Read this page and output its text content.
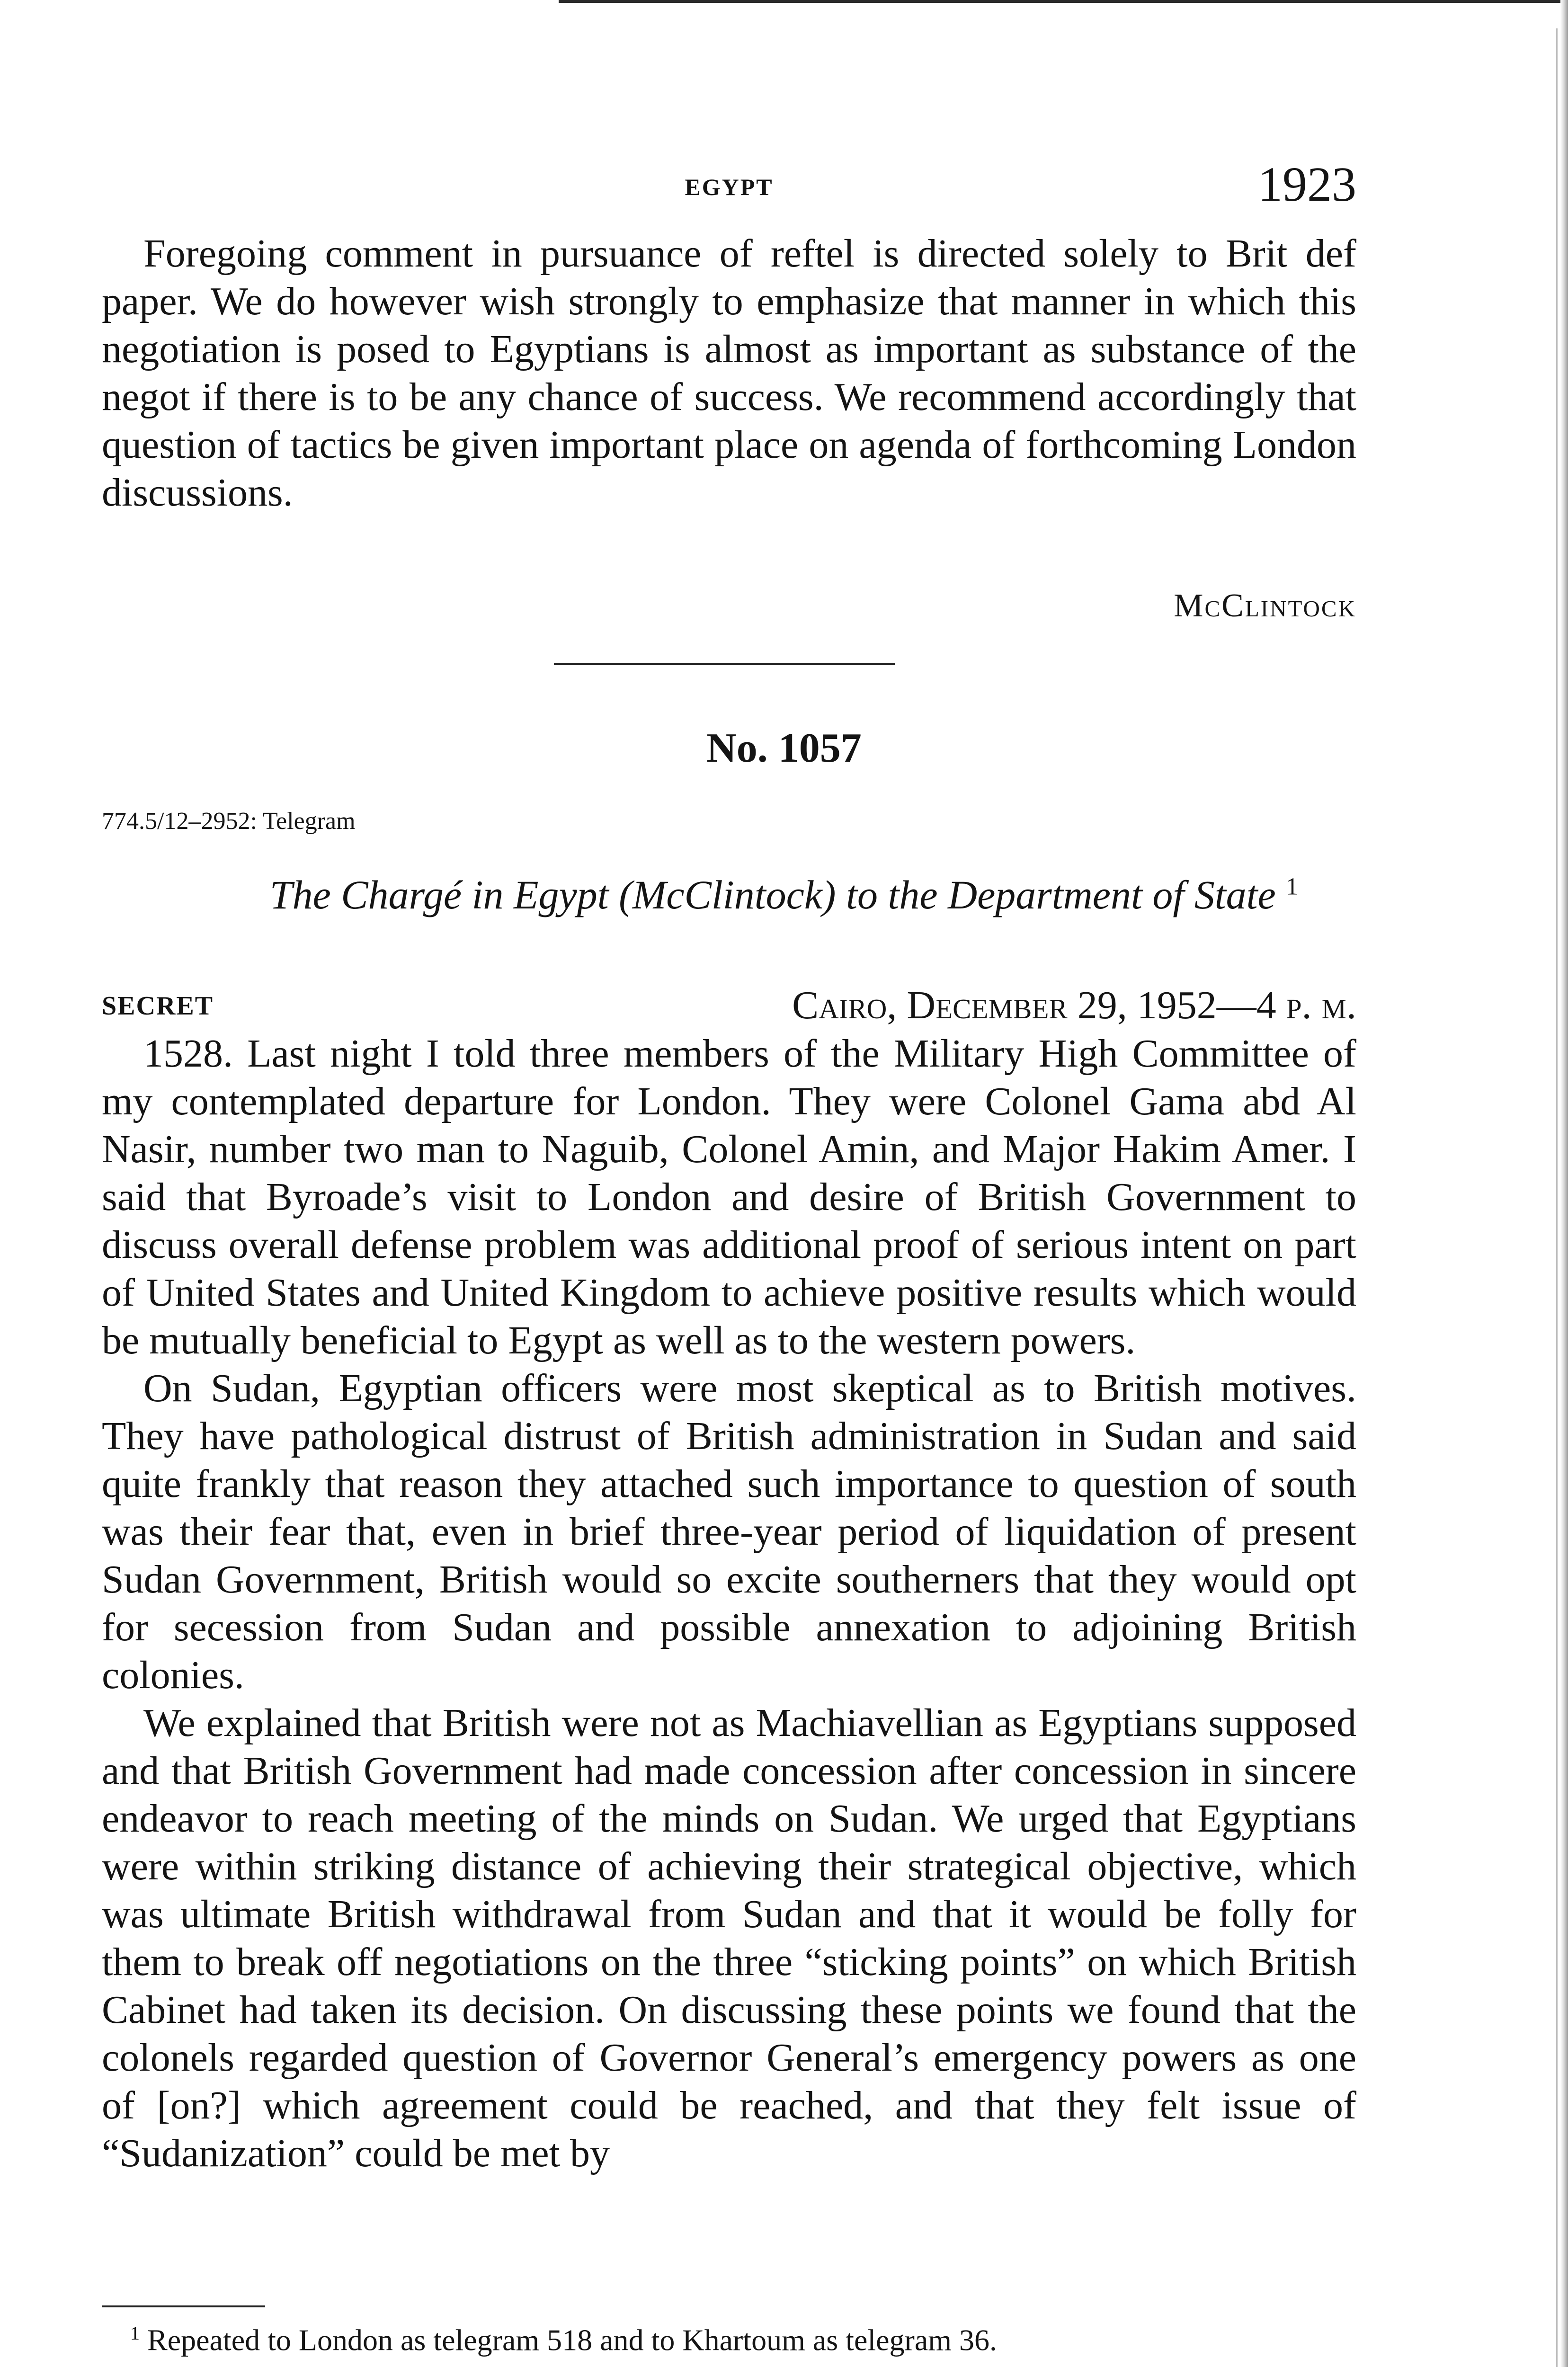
EGYPT	1923

Foregoing comment in pursuance of reftel is directed solely to Brit def paper. We do however wish strongly to emphasize that manner in which this negotiation is posed to Egyptians is almost as important as substance of the negot if there is to be any chance of success. We recommend accordingly that question of tactics be given important place on agenda of forthcoming London discussions.

McClintock
No. 1057
774.5/12–2952: Telegram
The Chargé in Egypt (McClintock) to the Department of State $^1$
SECRET	Cairo, December 29, 1952—4 p. m.

1528. Last night I told three members of the Military High Committee of my contemplated departure for London. They were Colonel Gama abd Al Nasir, number two man to Naguib, Colonel Amin, and Major Hakim Amer. I said that Byroade’s visit to London and desire of British Government to discuss overall defense problem was additional proof of serious intent on part of United States and United Kingdom to achieve positive results which would be mutually beneficial to Egypt as well as to the western powers.

On Sudan, Egyptian officers were most skeptical as to British motives. They have pathological distrust of British administration in Sudan and said quite frankly that reason they attached such importance to question of south was their fear that, even in brief three-year period of liquidation of present Sudan Government, British would so excite southerners that they would opt for secession from Sudan and possible annexation to adjoining British colonies.

We explained that British were not as Machiavellian as Egyptians supposed and that British Government had made concession after concession in sincere endeavor to reach meeting of the minds on Sudan. We urged that Egyptians were within striking distance of achieving their strategical objective, which was ultimate British withdrawal from Sudan and that it would be folly for them to break off negotiations on the three “sticking points” on which British Cabinet had taken its decision. On discussing these points we found that the colonels regarded question of Governor General’s emergency powers as one of [on?] which agreement could be reached, and that they felt issue of “Sudanization” could be met by

$^1$ Repeated to London as telegram 518 and to Khartoum as telegram 36.
